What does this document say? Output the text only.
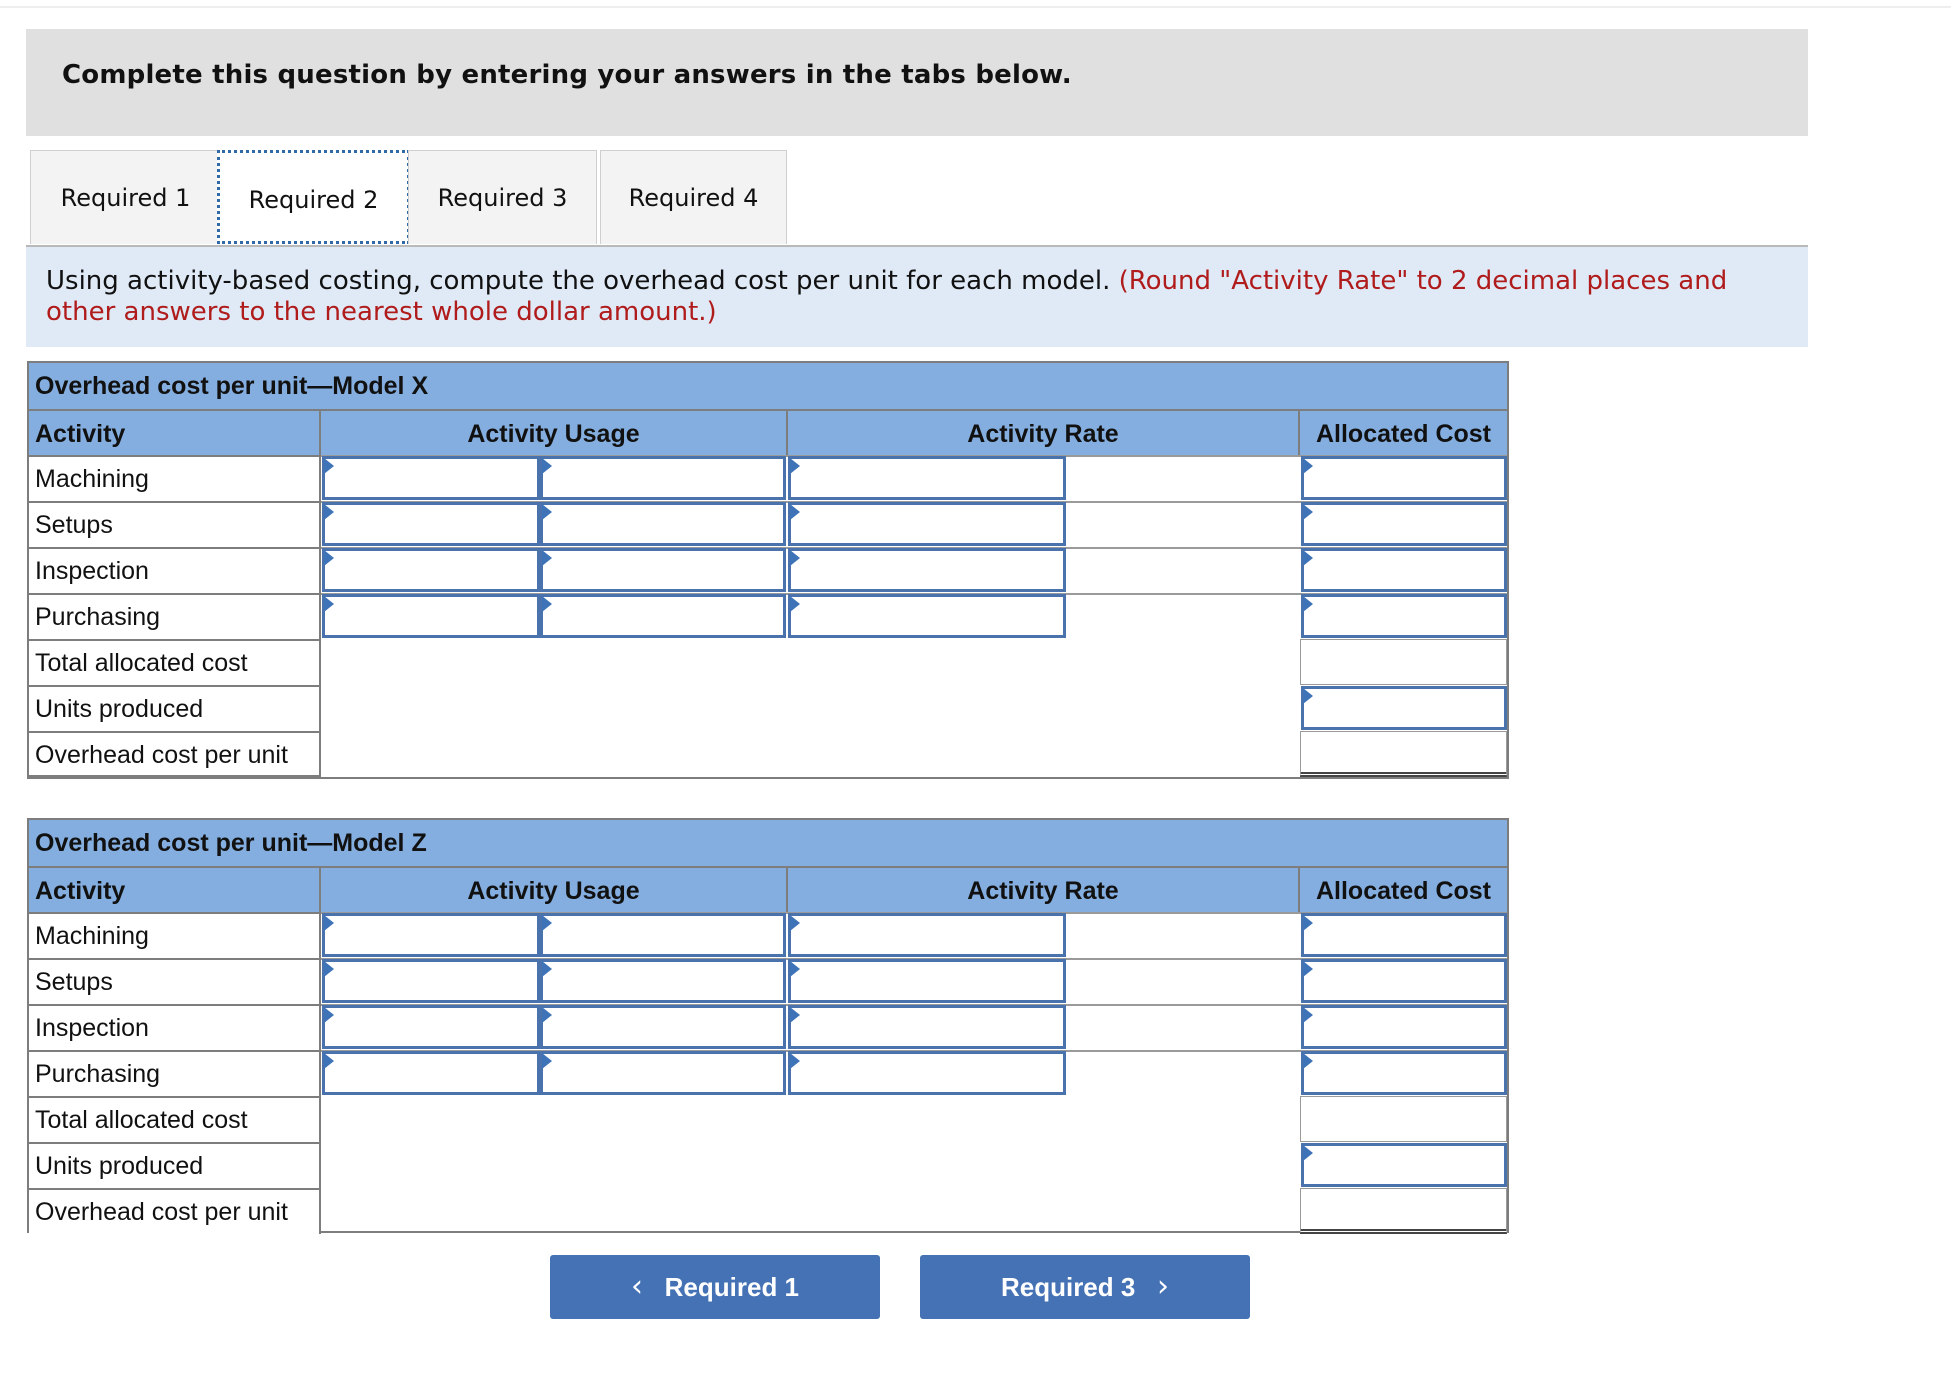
Complete this question by entering your answers in the tabs below.
Required 1	Required 2	Required 3	Required 4
Using activity-based costing, compute the overhead cost per unit for each model. (Round "Activity Rate" to 2 decimal places and other answers to the nearest whole dollar amount.)
Overhead cost per unit—Model X
Activity	Activity Usage	Activity Rate	Allocated Cost
Machining
Setups
Inspection
Purchasing
Total allocated cost
Units produced
Overhead cost per unit
Overhead cost per unit—Model Z
Activity	Activity Usage	Activity Rate	Allocated Cost
Machining
Setups
Inspection
Purchasing
Total allocated cost
Units produced
Overhead cost per unit
‹ Required 1	Required 3 ›
